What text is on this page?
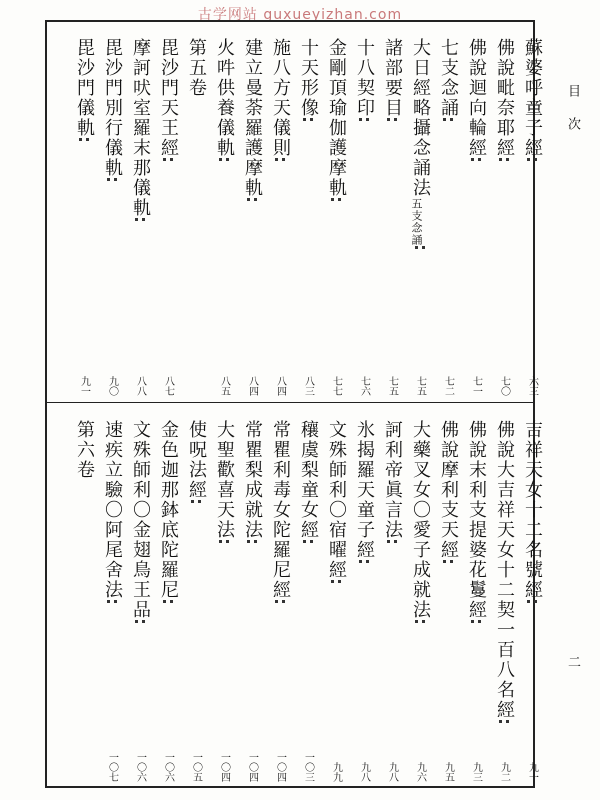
古学网站 guxueyizhan.com
目 次
二
蘇婆呼童子經
六三
佛說毗奈耶經
七〇
佛說迴向輪經
七一
七支念誦
七二
大日經略攝念誦法
五支念誦
七五
諸部要目
七五
十八契印
七六
金剛頂瑜伽護摩軌
七七
十天形像
八三
施八方天儀則
八四
建立曼荼羅護摩軌
八四
火吽供養儀軌
八五
第五卷
毘沙門天王經
八七
摩訶吠室羅末那儀軌
八八
毘沙門別行儀軌
九〇
毘沙門儀軌
九一
吉祥天女十二名號經
九一
佛說大吉祥天女十二契一百八名經
九二
佛說末利支提婆花鬘經
九三
佛說摩利支天經
九五
大藥叉女〇愛子成就法
九六
訶利帝眞言法
九八
氷揭羅天童子經
九八
文殊師利〇宿曜經
九九
穰虞梨童女經
一〇三
常瞿利毒女陀羅尼經
一〇四
常瞿梨成就法
一〇四
大聖歡喜天法
一〇四
使呪法經
一〇五
金色迦那鉢底陀羅尼
一〇六
文殊師利〇金翅鳥王品
一〇六
速疾立驗〇阿尾舍法
一〇七
第六卷
